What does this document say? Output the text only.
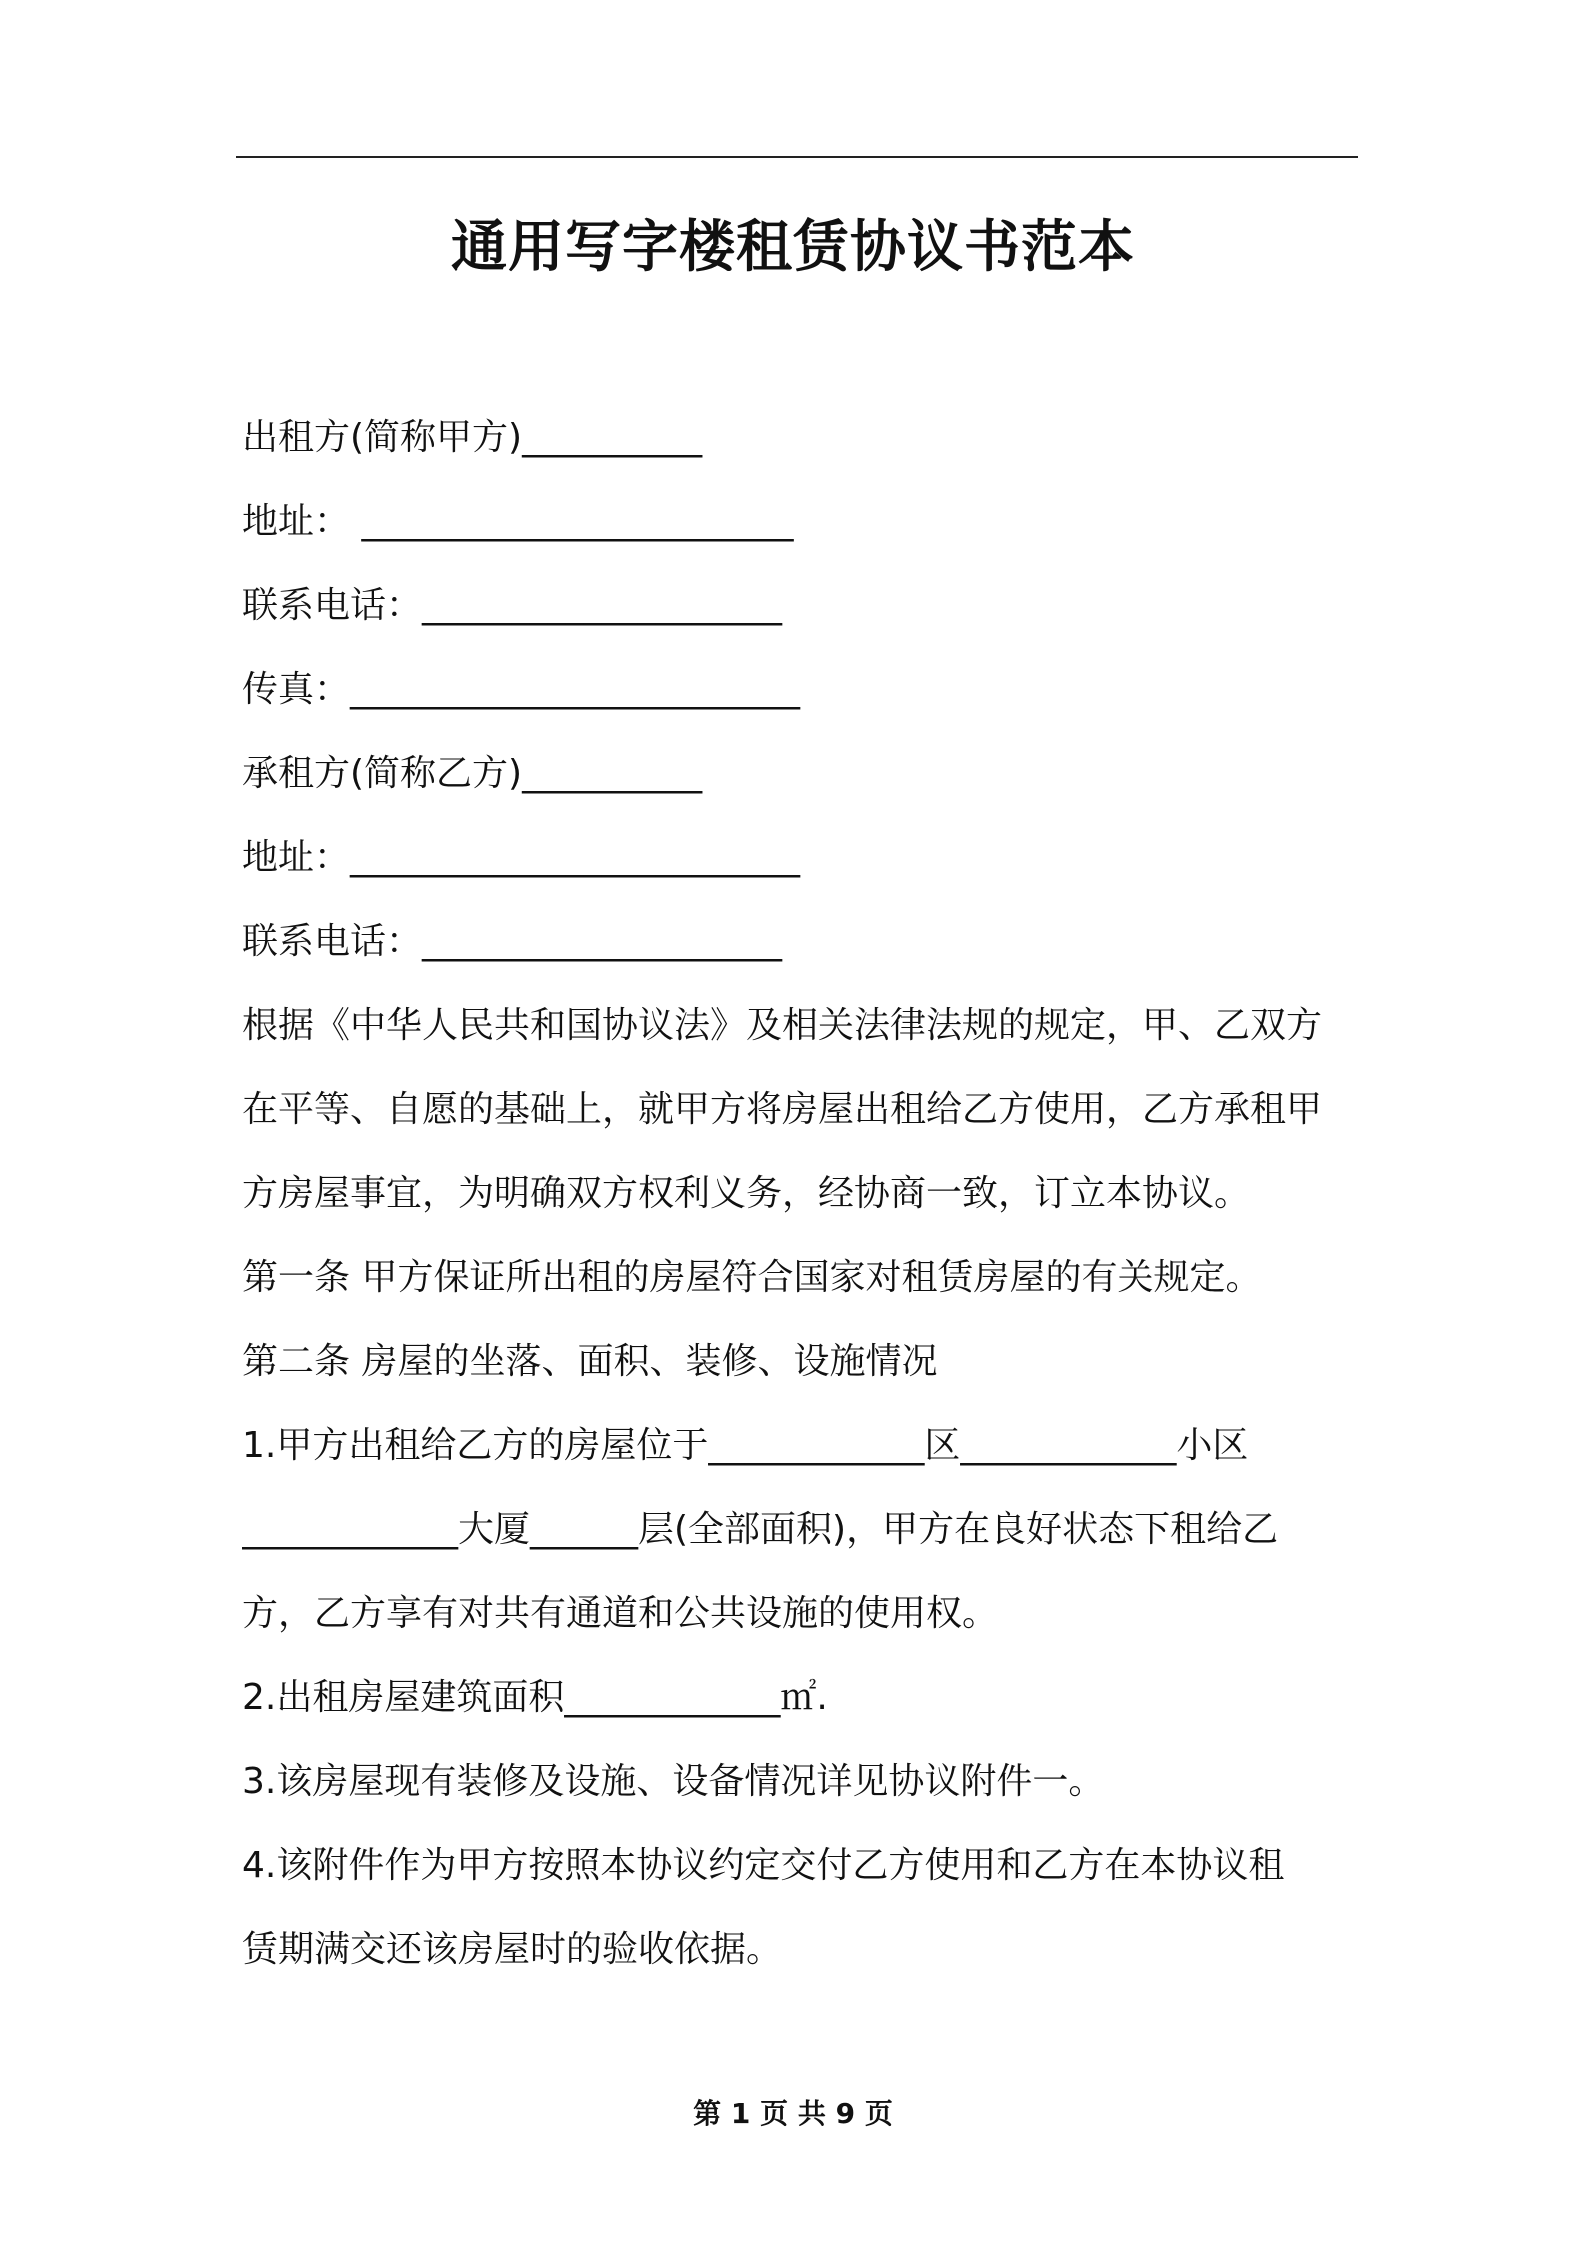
通用写字楼租赁协议书范本
出租方(简称甲方)__________
地址： ________________________
联系电话：____________________
传真：_________________________
承租方(简称乙方)__________
地址：_________________________
联系电话：____________________
根据《中华人民共和国协议法》及相关法律法规的规定，甲、乙双方
在平等、自愿的基础上，就甲方将房屋出租给乙方使用，乙方承租甲
方房屋事宜，为明确双方权利义务，经协商一致，订立本协议。
第一条 甲方保证所出租的房屋符合国家对租赁房屋的有关规定。
第二条 房屋的坐落、面积、装修、设施情况
1.甲方出租给乙方的房屋位于____________区____________小区
____________大厦______层(全部面积)，甲方在良好状态下租给乙
方，乙方享有对共有通道和公共设施的使用权。
2.出租房屋建筑面积____________㎡.
3.该房屋现有装修及设施、设备情况详见协议附件一。
4.该附件作为甲方按照本协议约定交付乙方使用和乙方在本协议租
赁期满交还该房屋时的验收依据。
第 1 页 共 9 页
